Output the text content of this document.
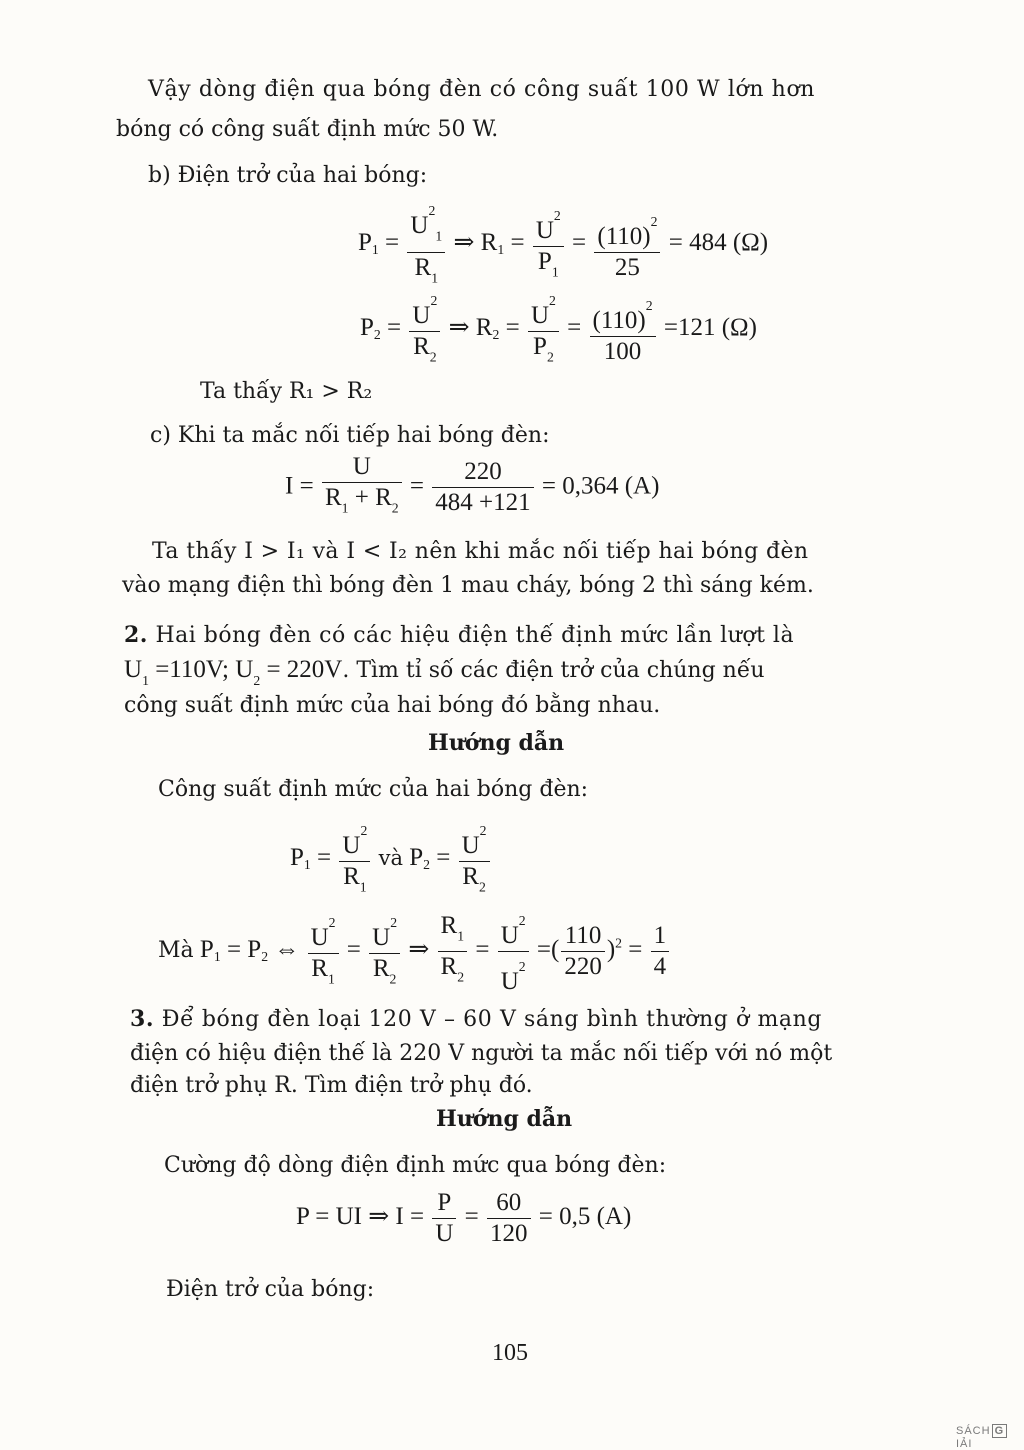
Vậy dòng điện qua bóng đèn có công suất 100 W lớn hơn
bóng có công suất định mức 50 W.
b) Điện trở của hai bóng:
$P1 = \frac{U^2_1}{R_1}$ ⇒ $R1 = \frac{U^2}{P_1} = \frac{(110)^2}{25} = 484$ (Ω)
$P2 = \frac{U^2}{R_2}$ ⇒ $R2 = \frac{U^2}{P_2} = \frac{(110)^2}{100} =121$ (Ω)
Ta thấy R₁ > R₂
c) Khi ta mắc nối tiếp hai bóng đèn:
$I = \frac{U}{R_1 + R_2} = \frac{220}{484 +121} = 0,364$ (A)
Ta thấy I > I₁ và I < I₂ nên khi mắc nối tiếp hai bóng đèn
vào mạng điện thì bóng đèn 1 mau cháy, bóng 2 thì sáng kém.
2. Hai bóng đèn có các hiệu điện thế định mức lần lượt là
$U_1 =110V$; $U_2 = 220V$. Tìm tỉ số các điện trở của chúng nếu
công suất định mức của hai bóng đó bằng nhau.
Hướng dẫn
Công suất định mức của hai bóng đèn:
$P1 = \frac{U^2}{R_1}$ và $P2 = \frac{U^2}{R_2}$
Mà P1 = P2 ⇔ $\frac{U^2}{R_1} = \frac{U^2}{R_2}$ ⇒ $\frac{R_1}{R_2} = \frac{U^2}{U^2}$ =( $\frac{110}{220} )^2 = \frac{1}{4}$
3. Để bóng đèn loại 120 V – 60 V sáng bình thường ở mạng
điện có hiệu điện thế là 220 V người ta mắc nối tiếp với nó một
điện trở phụ R. Tìm điện trở phụ đó.
Hướng dẫn
Cường độ dòng điện định mức qua bóng đèn:
P = UI ⇒ $I = \frac{P}{U} = \frac{60}{120} = 0,5$ (A)
Điện trở của bóng:
105
SÁCH GIẢI
